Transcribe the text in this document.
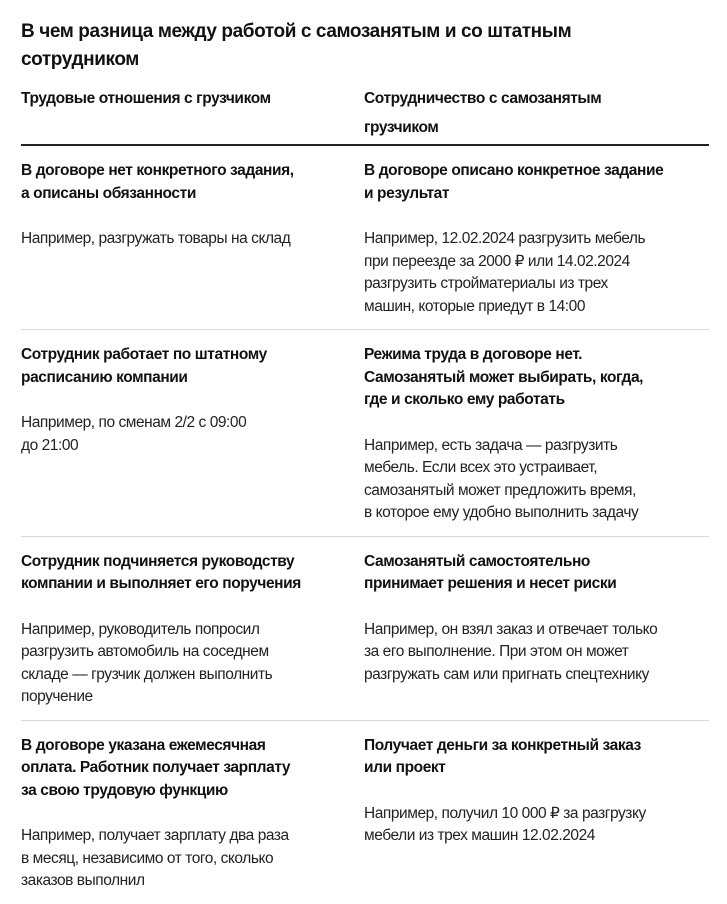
В чем разница между работой с самозанятым и со штатным
сотрудником
Трудовые отношения с грузчиком	Сотрудничество с самозанятым
грузчиком
В договоре нет конкретного задания,
а описаны обязанности
Например, разгружать товары на склад
В договоре описано конкретное задание
и результат
Например, 12.02.2024 разгрузить мебель
при переезде за 2000 ₽ или 14.02.2024
разгрузить стройматериалы из трех
машин, которые приедут в 14:00
Сотрудник работает по штатному
расписанию компании
Например, по сменам 2/2 с 09:00
до 21:00
Режима труда в договоре нет.
Самозанятый может выбирать, когда,
где и сколько ему работать
Например, есть задача — разгрузить
мебель. Если всех это устраивает,
самозанятый может предложить время,
в которое ему удобно выполнить задачу
Сотрудник подчиняется руководству
компании и выполняет его поручения
Например, руководитель попросил
разгрузить автомобиль на соседнем
складе — грузчик должен выполнить
поручение
Самозанятый самостоятельно
принимает решения и несет риски
Например, он взял заказ и отвечает только
за его выполнение. При этом он может
разгружать сам или пригнать спецтехнику
В договоре указана ежемесячная
оплата. Работник получает зарплату
за свою трудовую функцию
Например, получает зарплату два раза
в месяц, независимо от того, сколько
заказов выполнил
Получает деньги за конкретный заказ
или проект
Например, получил 10 000 ₽ за разгрузку
мебели из трех машин 12.02.2024
